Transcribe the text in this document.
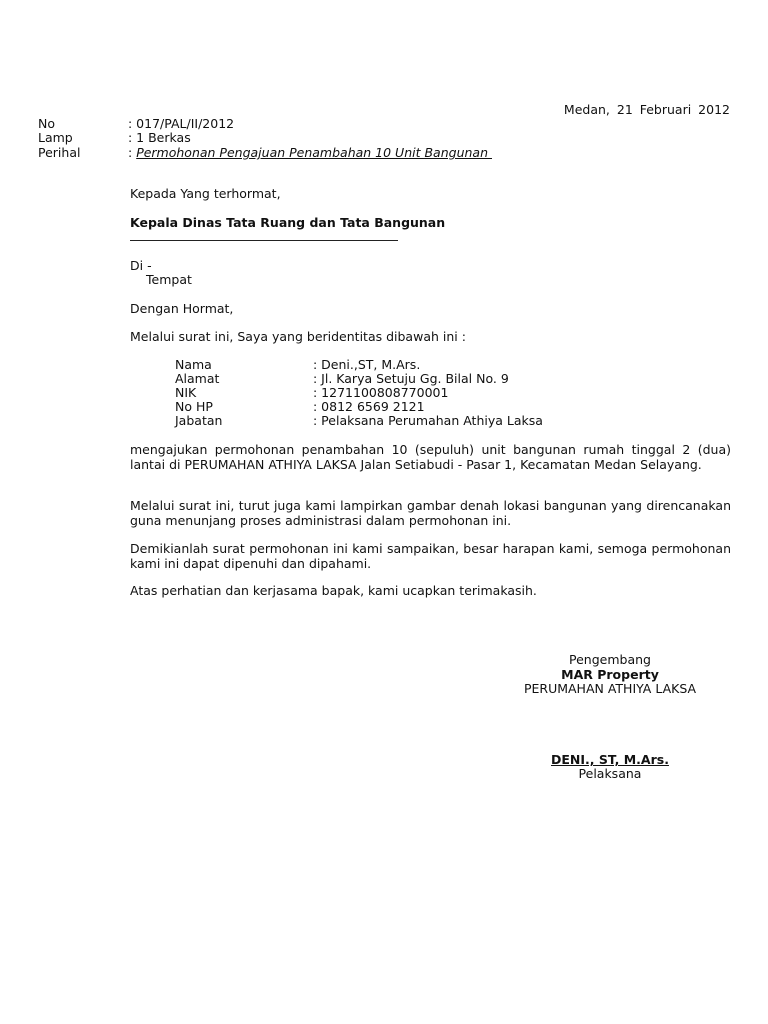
Medan, 21 Februari 2012
No	: 017/PAL/II/2012
Lamp	: 1 Berkas
Perihal	: Permohonan Pengajuan Penambahan 10 Unit Bangunan
Kepada Yang terhormat,
Kepala Dinas Tata Ruang dan Tata Bangunan
Di -
Tempat
Dengan Hormat,
Melalui surat ini, Saya yang beridentitas dibawah ini :
Nama	: Deni.,ST, M.Ars.
Alamat	: Jl. Karya Setuju Gg. Bilal No. 9
NIK	: 1271100808770001
No HP	: 0812 6569 2121
Jabatan	: Pelaksana Perumahan Athiya Laksa
mengajukan permohonan penambahan 10 (sepuluh) unit bangunan rumah tinggal 2 (dua) lantai di PERUMAHAN ATHIYA LAKSA Jalan Setiabudi - Pasar 1, Kecamatan Medan Selayang.
Melalui surat ini, turut juga kami lampirkan gambar denah lokasi bangunan yang direncanakan guna menunjang proses administrasi dalam permohonan ini.
Demikianlah surat permohonan ini kami sampaikan, besar harapan kami, semoga permohonan kami ini dapat dipenuhi dan dipahami.
Atas perhatian dan kerjasama bapak, kami ucapkan terimakasih.
Pengembang
MAR Property
PERUMAHAN ATHIYA LAKSA
DENI., ST, M.Ars.
Pelaksana
